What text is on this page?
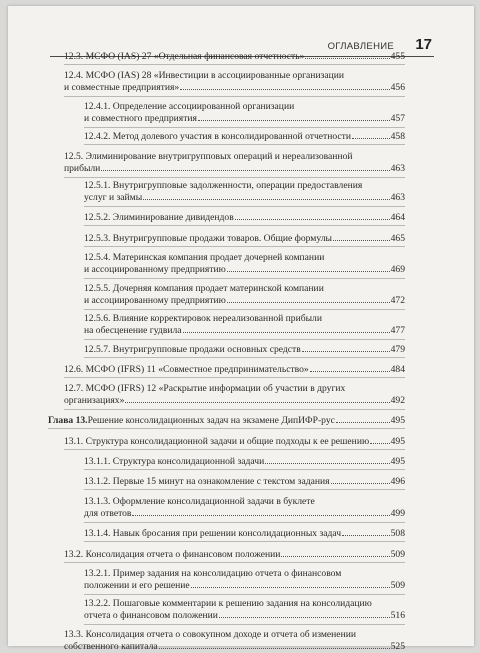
ОГЛАВЛЕНИЕ 17
12.3. МСФО (IAS) 27 «Отдельная финансовая отчетность»	455
12.4. МСФО (IAS) 28 «Инвестиции в ассоциированные организации
и совместные предприятия»	456
12.4.1. Определение ассоциированной организации
и совместного предприятия	457
12.4.2. Метод долевого участия в консолидированной отчетности	458
12.5. Элиминирование внутригрупповых операций и нереализованной
прибыли	463
12.5.1. Внутригрупповые задолженности, операции предоставления
услуг и займы	463
12.5.2. Элиминирование дивидендов	464
12.5.3. Внутригрупповые продажи товаров. Общие формулы	465
12.5.4. Материнская компания продает дочерней компании
и ассоциированному предприятию	469
12.5.5. Дочерняя компания продает материнской компании
и ассоциированному предприятию	472
12.5.6. Влияние корректировок нереализованной прибыли
на обесценение гудвила	477
12.5.7. Внутригрупповые продажи основных средств	479
12.6. МСФО (IFRS) 11 «Совместное предпринимательство»	484
12.7. МСФО (IFRS) 12 «Раскрытие информации об участии в других
организациях»	492
Глава 13. Решение консолидационных задач на экзамене ДипИФР-рус	495
13.1. Структура консолидационной задачи и общие подходы к ее решению 495
13.1.1. Структура консолидационной задачи	495
13.1.2. Первые 15 минут на ознакомление с текстом задания	496
13.1.3. Оформление консолидационной задачи в буклете
для ответов	499
13.1.4. Навык бросания при решении консолидационных задач	508
13.2. Консолидация отчета о финансовом положении	509
13.2.1. Пример задания на консолидацию отчета о финансовом
положении и его решение	509
13.2.2. Пошаговые комментарии к решению задания на консолидацию
отчета о финансовом положении	516
13.3. Консолидация отчета о совокупном доходе и отчета об изменении
собственного капитала	525
